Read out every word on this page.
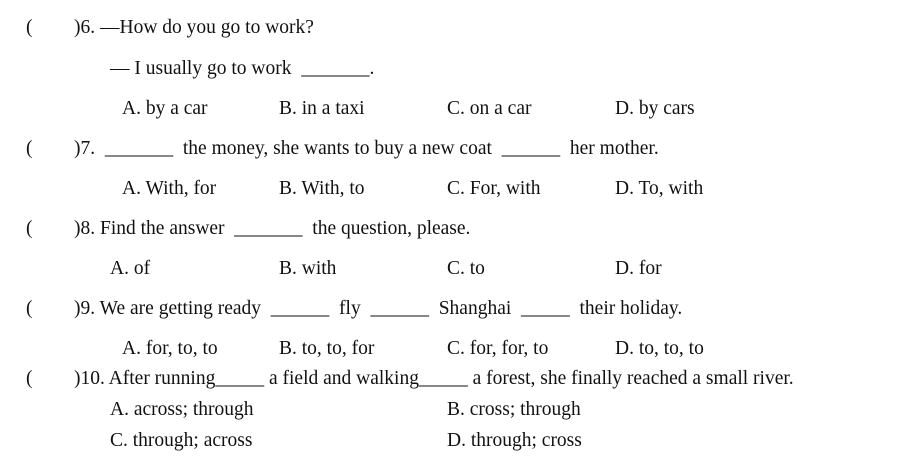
( )6. —How do you go to work?
— I usually go to work  _______.
A. by a car	B. in a taxi	C. on a car	D. by cars
( )7.  _______  the money, she wants to buy a new coat  ______  her mother.
A. With, for	B. With, to	C. For, with	D. To, with
( )8. Find the answer  _______  the question, please.
A. of	B. with	C. to	D. for
( )9. We are getting ready  ______  fly  ______  Shanghai  _____  their holiday.
A. for, to, to	B. to, to, for	C. for, for, to	D. to, to, to
( )10. After running_____ a field and walking_____ a forest, she finally reached a small river.
A. across; through	B. cross; through
C. through; across	D. through; cross
